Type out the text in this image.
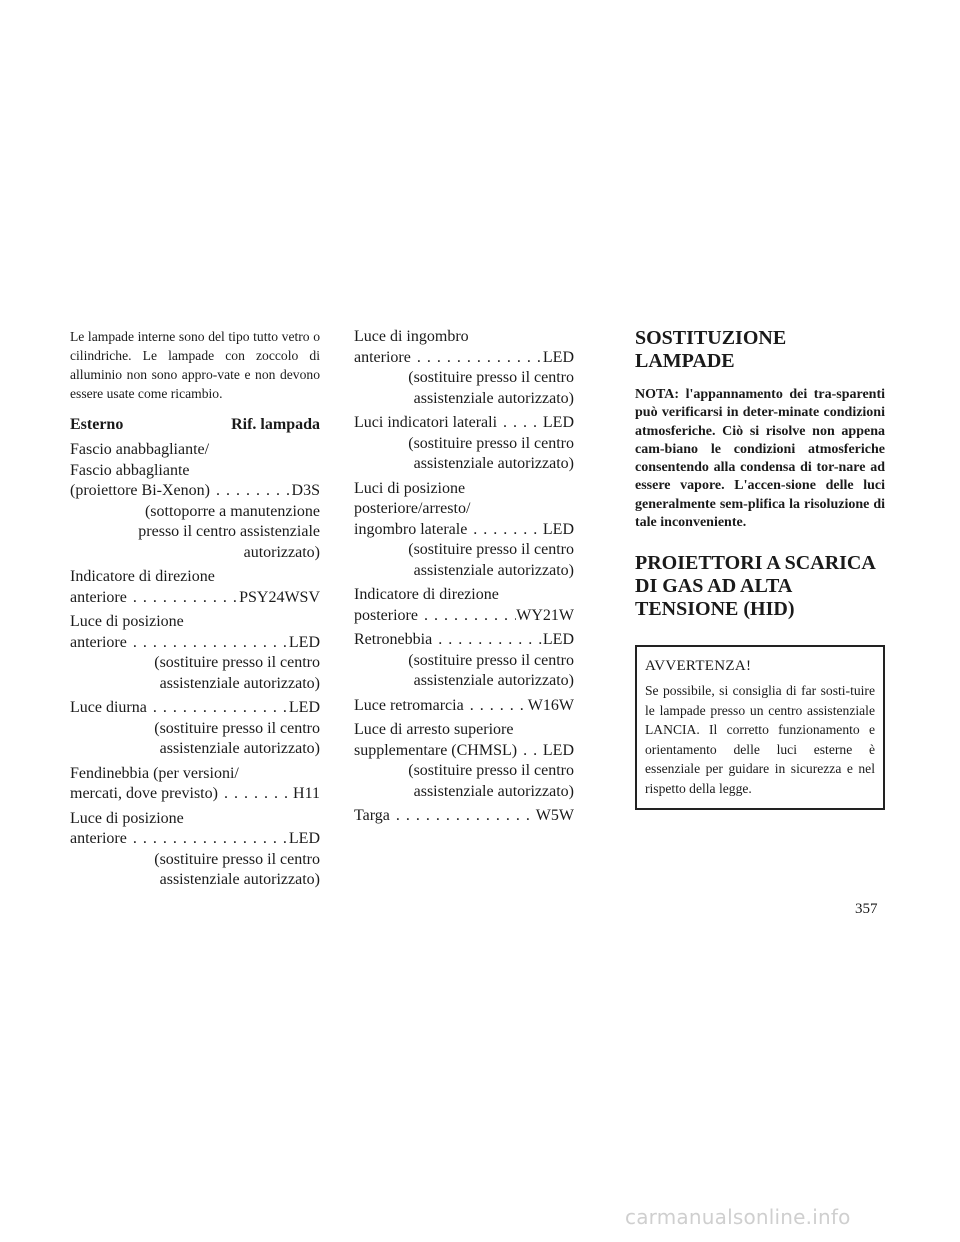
Le lampade interne sono del tipo tutto vetro o cilindriche. Le lampade con zoccolo di alluminio non sono appro-vate e non devono essere usate come ricambio.

Esterno	Rif. lampada
Fascio anabbagliante/
Fascio abbagliante
(proiettore Bi-Xenon) . . .	D3S
(sottoporre a manutenzione
presso il centro assistenziale
autorizzato)
Indicatore di direzione
anteriore . . .	PSY24WSV
Luce di posizione
anteriore . . .	LED
(sostituire presso il centro
assistenziale autorizzato)
Luce diurna . . .	LED
(sostituire presso il centro
assistenziale autorizzato)
Fendinebbia (per versioni/
mercati, dove previsto) . . .	H11
Luce di posizione
anteriore . . .	LED
(sostituire presso il centro
assistenziale autorizzato)
Luce di ingombro
anteriore . . .	LED
(sostituire presso il centro
assistenziale autorizzato)
Luci indicatori laterali . . .	LED
(sostituire presso il centro
assistenziale autorizzato)
Luci di posizione
posteriore/arresto/
ingombro laterale . . .	LED
(sostituire presso il centro
assistenziale autorizzato)
Indicatore di direzione
posteriore . . .	WY21W
Retronebbia . . .	LED
(sostituire presso il centro
assistenziale autorizzato)
Luce retromarcia . . .	W16W
Luce di arresto superiore
supplementare (CHMSL) . . . LED
(sostituire presso il centro
assistenziale autorizzato)
Targa . . .	W5W
SOSTITUZIONE
LAMPADE

NOTA: l'appannamento dei tra-sparenti può verificarsi in deter-minate condizioni atmosferiche. Ciò si risolve non appena cam-biano le condizioni atmosferiche consentendo alla condensa di tor-nare ad essere vapore. L'accen-sione delle luci generalmente sem-plifica la risoluzione di tale inconveniente.

PROIETTORI A SCARICA
DI GAS AD ALTA
TENSIONE (HID)
AVVERTENZA!

Se possibile, si consiglia di far sosti-tuire le lampade presso un centro assistenziale LANCIA. Il corretto funzionamento e orientamento delle luci esterne è essenziale per guidare in sicurezza e nel rispetto della legge.

357
carmanualsonline.info
